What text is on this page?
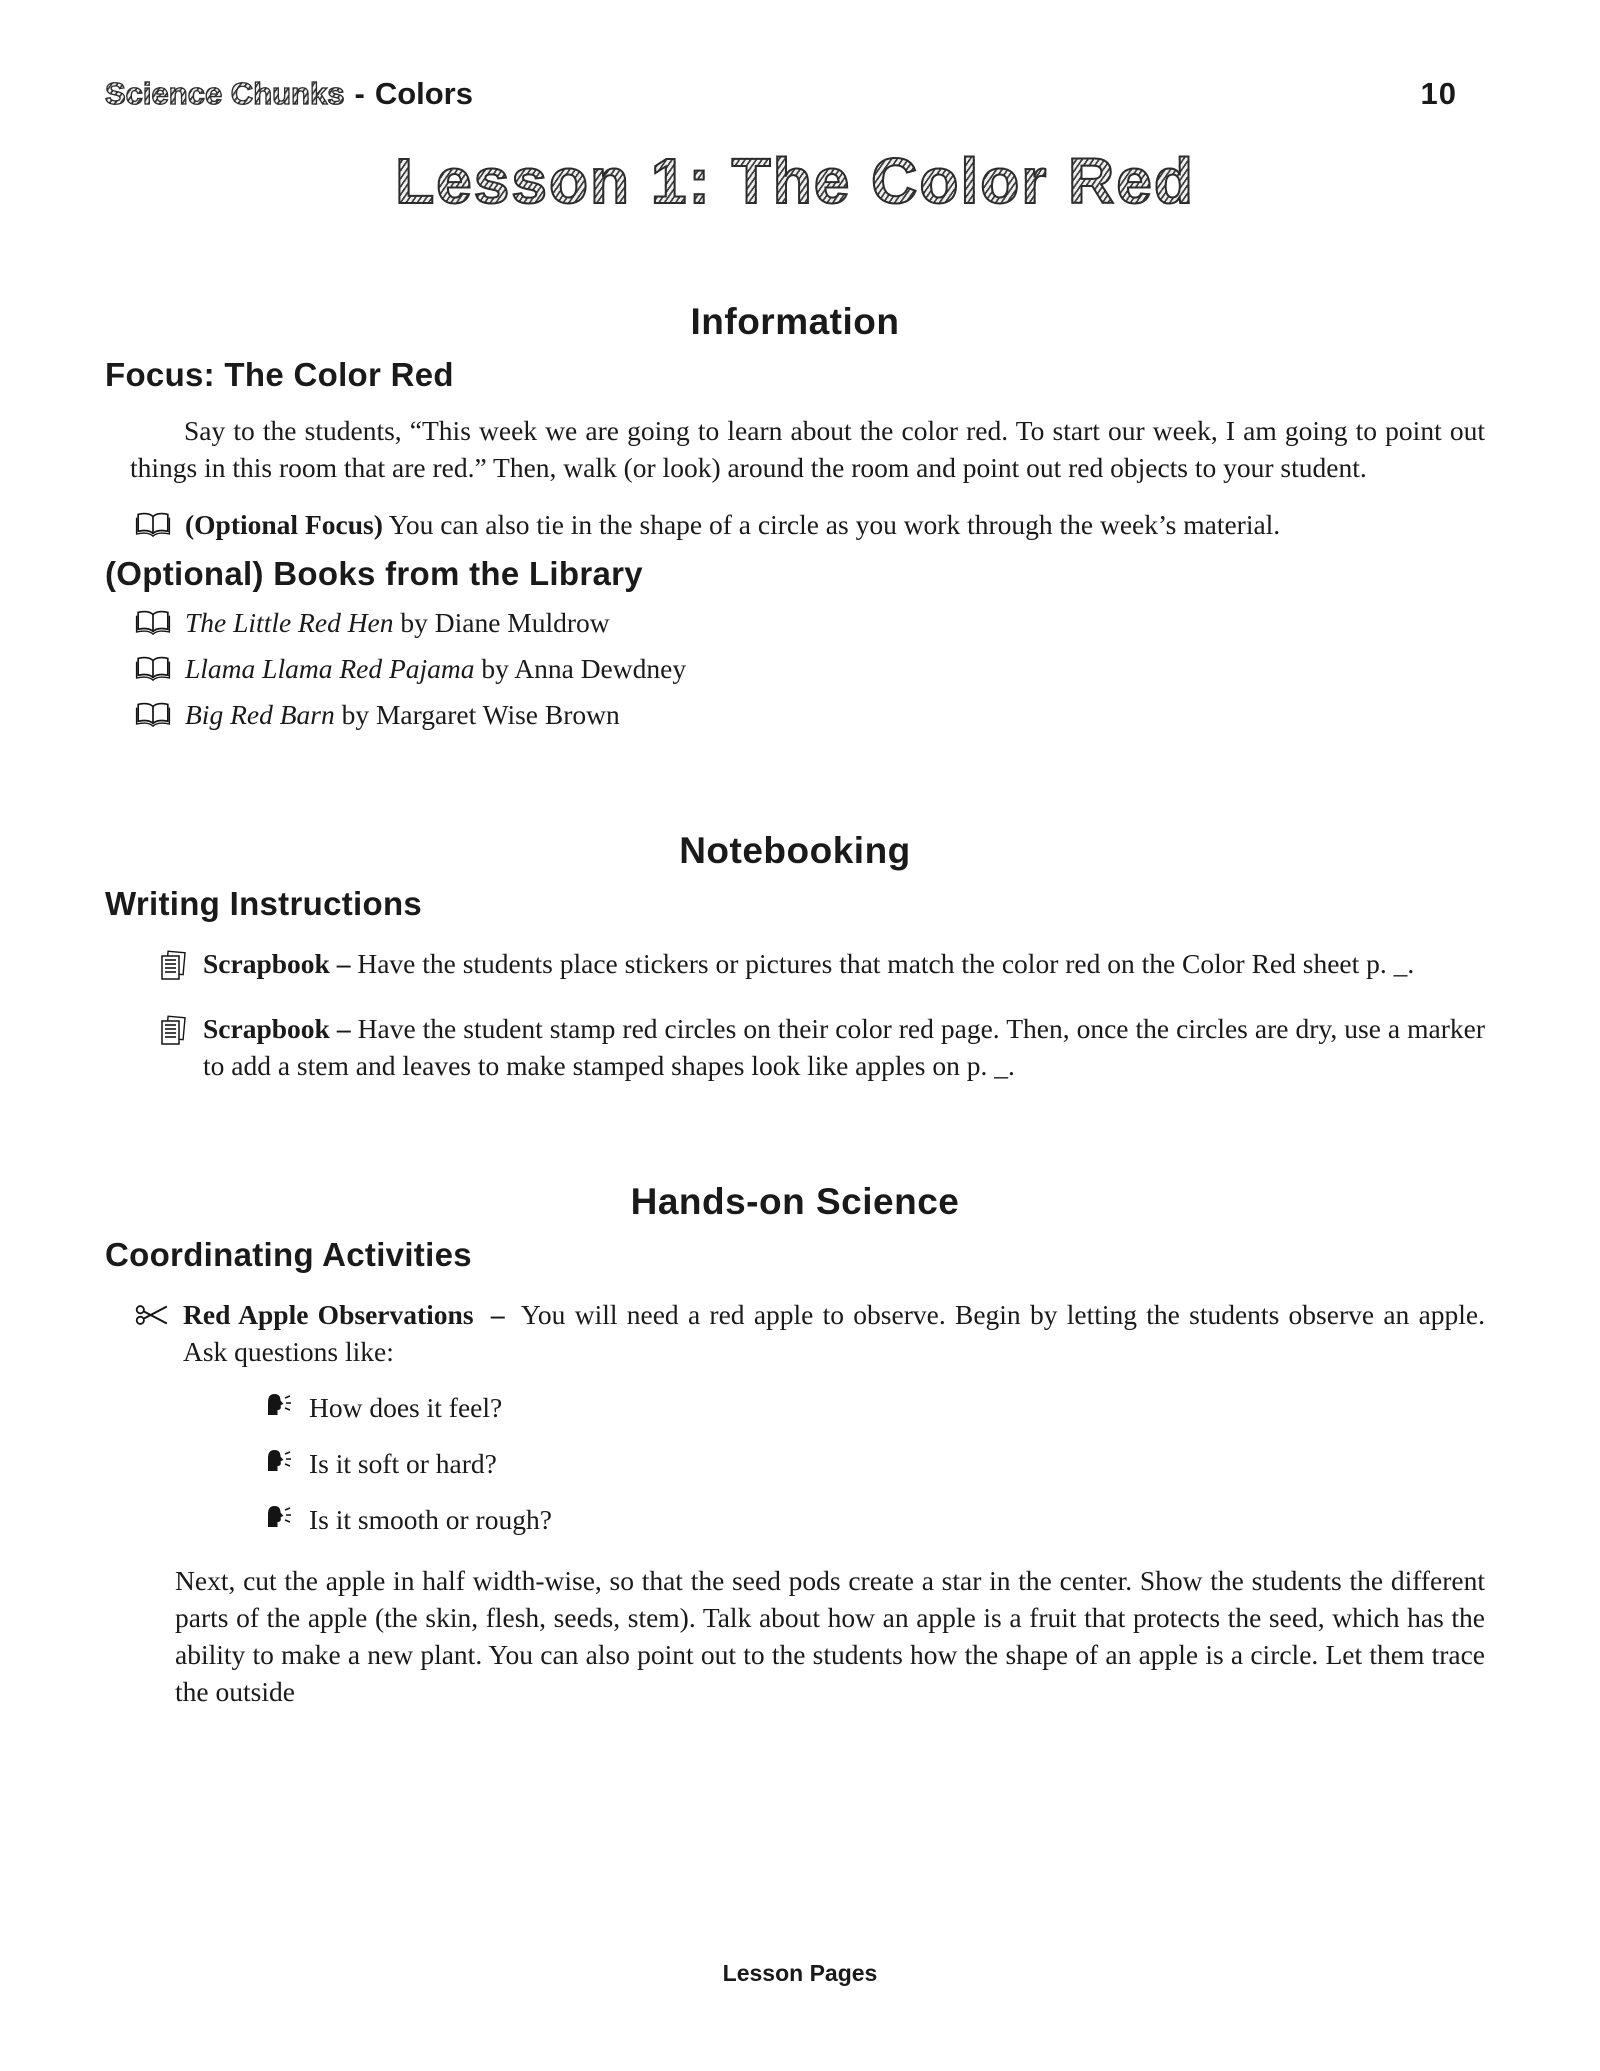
Science Chunks - Colors	10
Lesson 1: The Color Red
Information
Focus: The Color Red

Say to the students, “This week we are going to learn about the color red. To start our week, I am going to point out things in this room that are red.” Then, walk (or look) around the room and point out red objects to your student.

(Optional Focus) You can also tie in the shape of a circle as you work through the week’s material.

(Optional) Books from the Library

The Little Red Hen by Diane Muldrow

Llama Llama Red Pajama by Anna Dewdney

Big Red Barn by Margaret Wise Brown

Notebooking
Writing Instructions

Scrapbook – Have the students place stickers or pictures that match the color red on the Color Red sheet p. _.

Scrapbook – Have the student stamp red circles on their color red page. Then, once the circles are dry, use a marker to add a stem and leaves to make stamped shapes look like apples on p. _.

Hands-on Science
Coordinating Activities

Red Apple Observations – You will need a red apple to observe. Begin by letting the students observe an apple. Ask questions like:

How does it feel?

Is it soft or hard?

Is it smooth or rough?

Next, cut the apple in half width-wise, so that the seed pods create a star in the center. Show the students the different parts of the apple (the skin, flesh, seeds, stem). Talk about how an apple is a fruit that protects the seed, which has the ability to make a new plant. You can also point out to the students how the shape of an apple is a circle. Let them trace the outside

Lesson Pages
